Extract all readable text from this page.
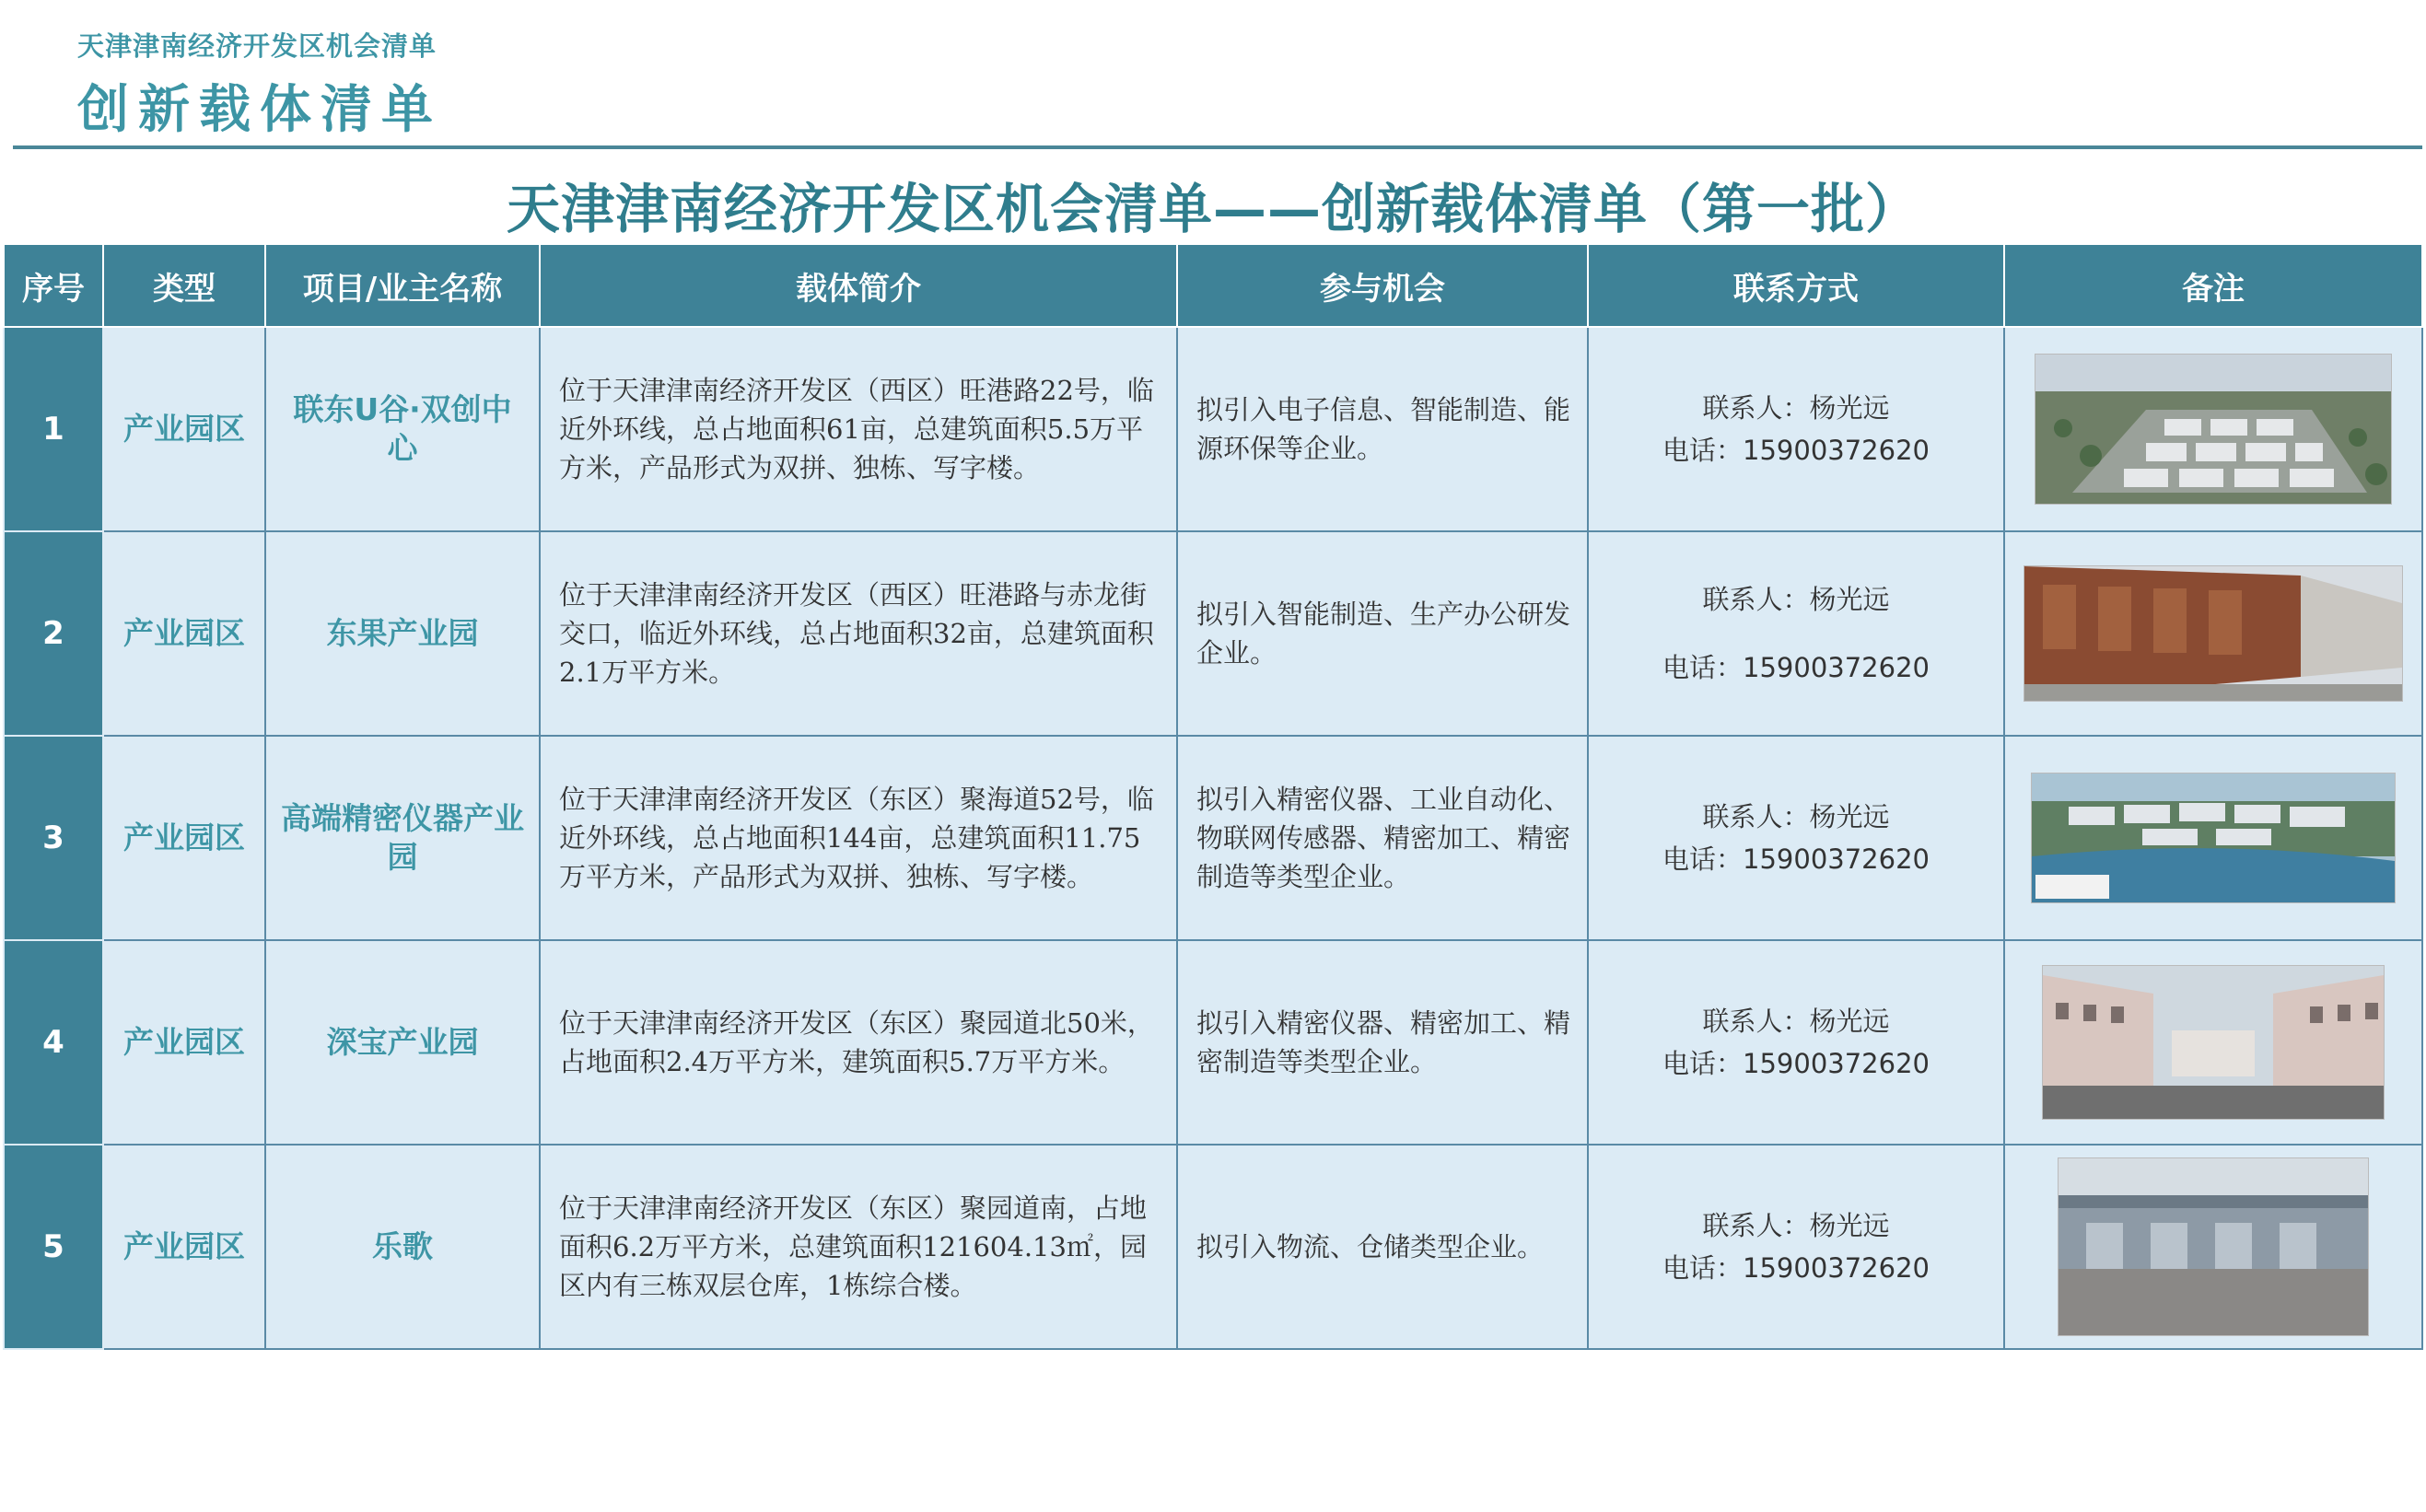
天津津南经济开发区机会清单
创新载体清单
天津津南经济开发区机会清单——创新载体清单（第一批）
序号	类型	项目/业主名称	载体简介	参与机会	联系方式	备注
1	产业园区	联东U谷·双创中心	位于天津津南经济开发区（西区）旺港路22号，临近外环线，总占地面积61亩，总建筑面积5.5万平方米，产品形式为双拼、独栋、写字楼。	拟引入电子信息、智能制造、能源环保等企业。	联系人：杨光远
电话：15900372620

2	产业园区	东果产业园	位于天津津南经济开发区（西区）旺港路与赤龙街交口，临近外环线，总占地面积32亩，总建筑面积2.1万平方米。	拟引入智能制造、生产办公研发企业。	联系人：杨光远
电话：15900372620

3	产业园区	高端精密仪器产业园	位于天津津南经济开发区（东区）聚海道52号，临近外环线，总占地面积144亩，总建筑面积11.75万平方米，产品形式为双拼、独栋、写字楼。	拟引入精密仪器、工业自动化、物联网传感器、精密加工、精密制造等类型企业。	联系人：杨光远
电话：15900372620

4	产业园区	深宝产业园	位于天津津南经济开发区（东区）聚园道北50米，占地面积2.4万平方米，建筑面积5.7万平方米。	拟引入精密仪器、精密加工、精密制造等类型企业。	联系人：杨光远
电话：15900372620

5	产业园区	乐歌	位于天津津南经济开发区（东区）聚园道南，占地面积6.2万平方米，总建筑面积121604.13㎡，园区内有三栋双层仓库，1栋综合楼。	拟引入物流、仓储类型企业。	联系人：杨光远
电话：15900372620
